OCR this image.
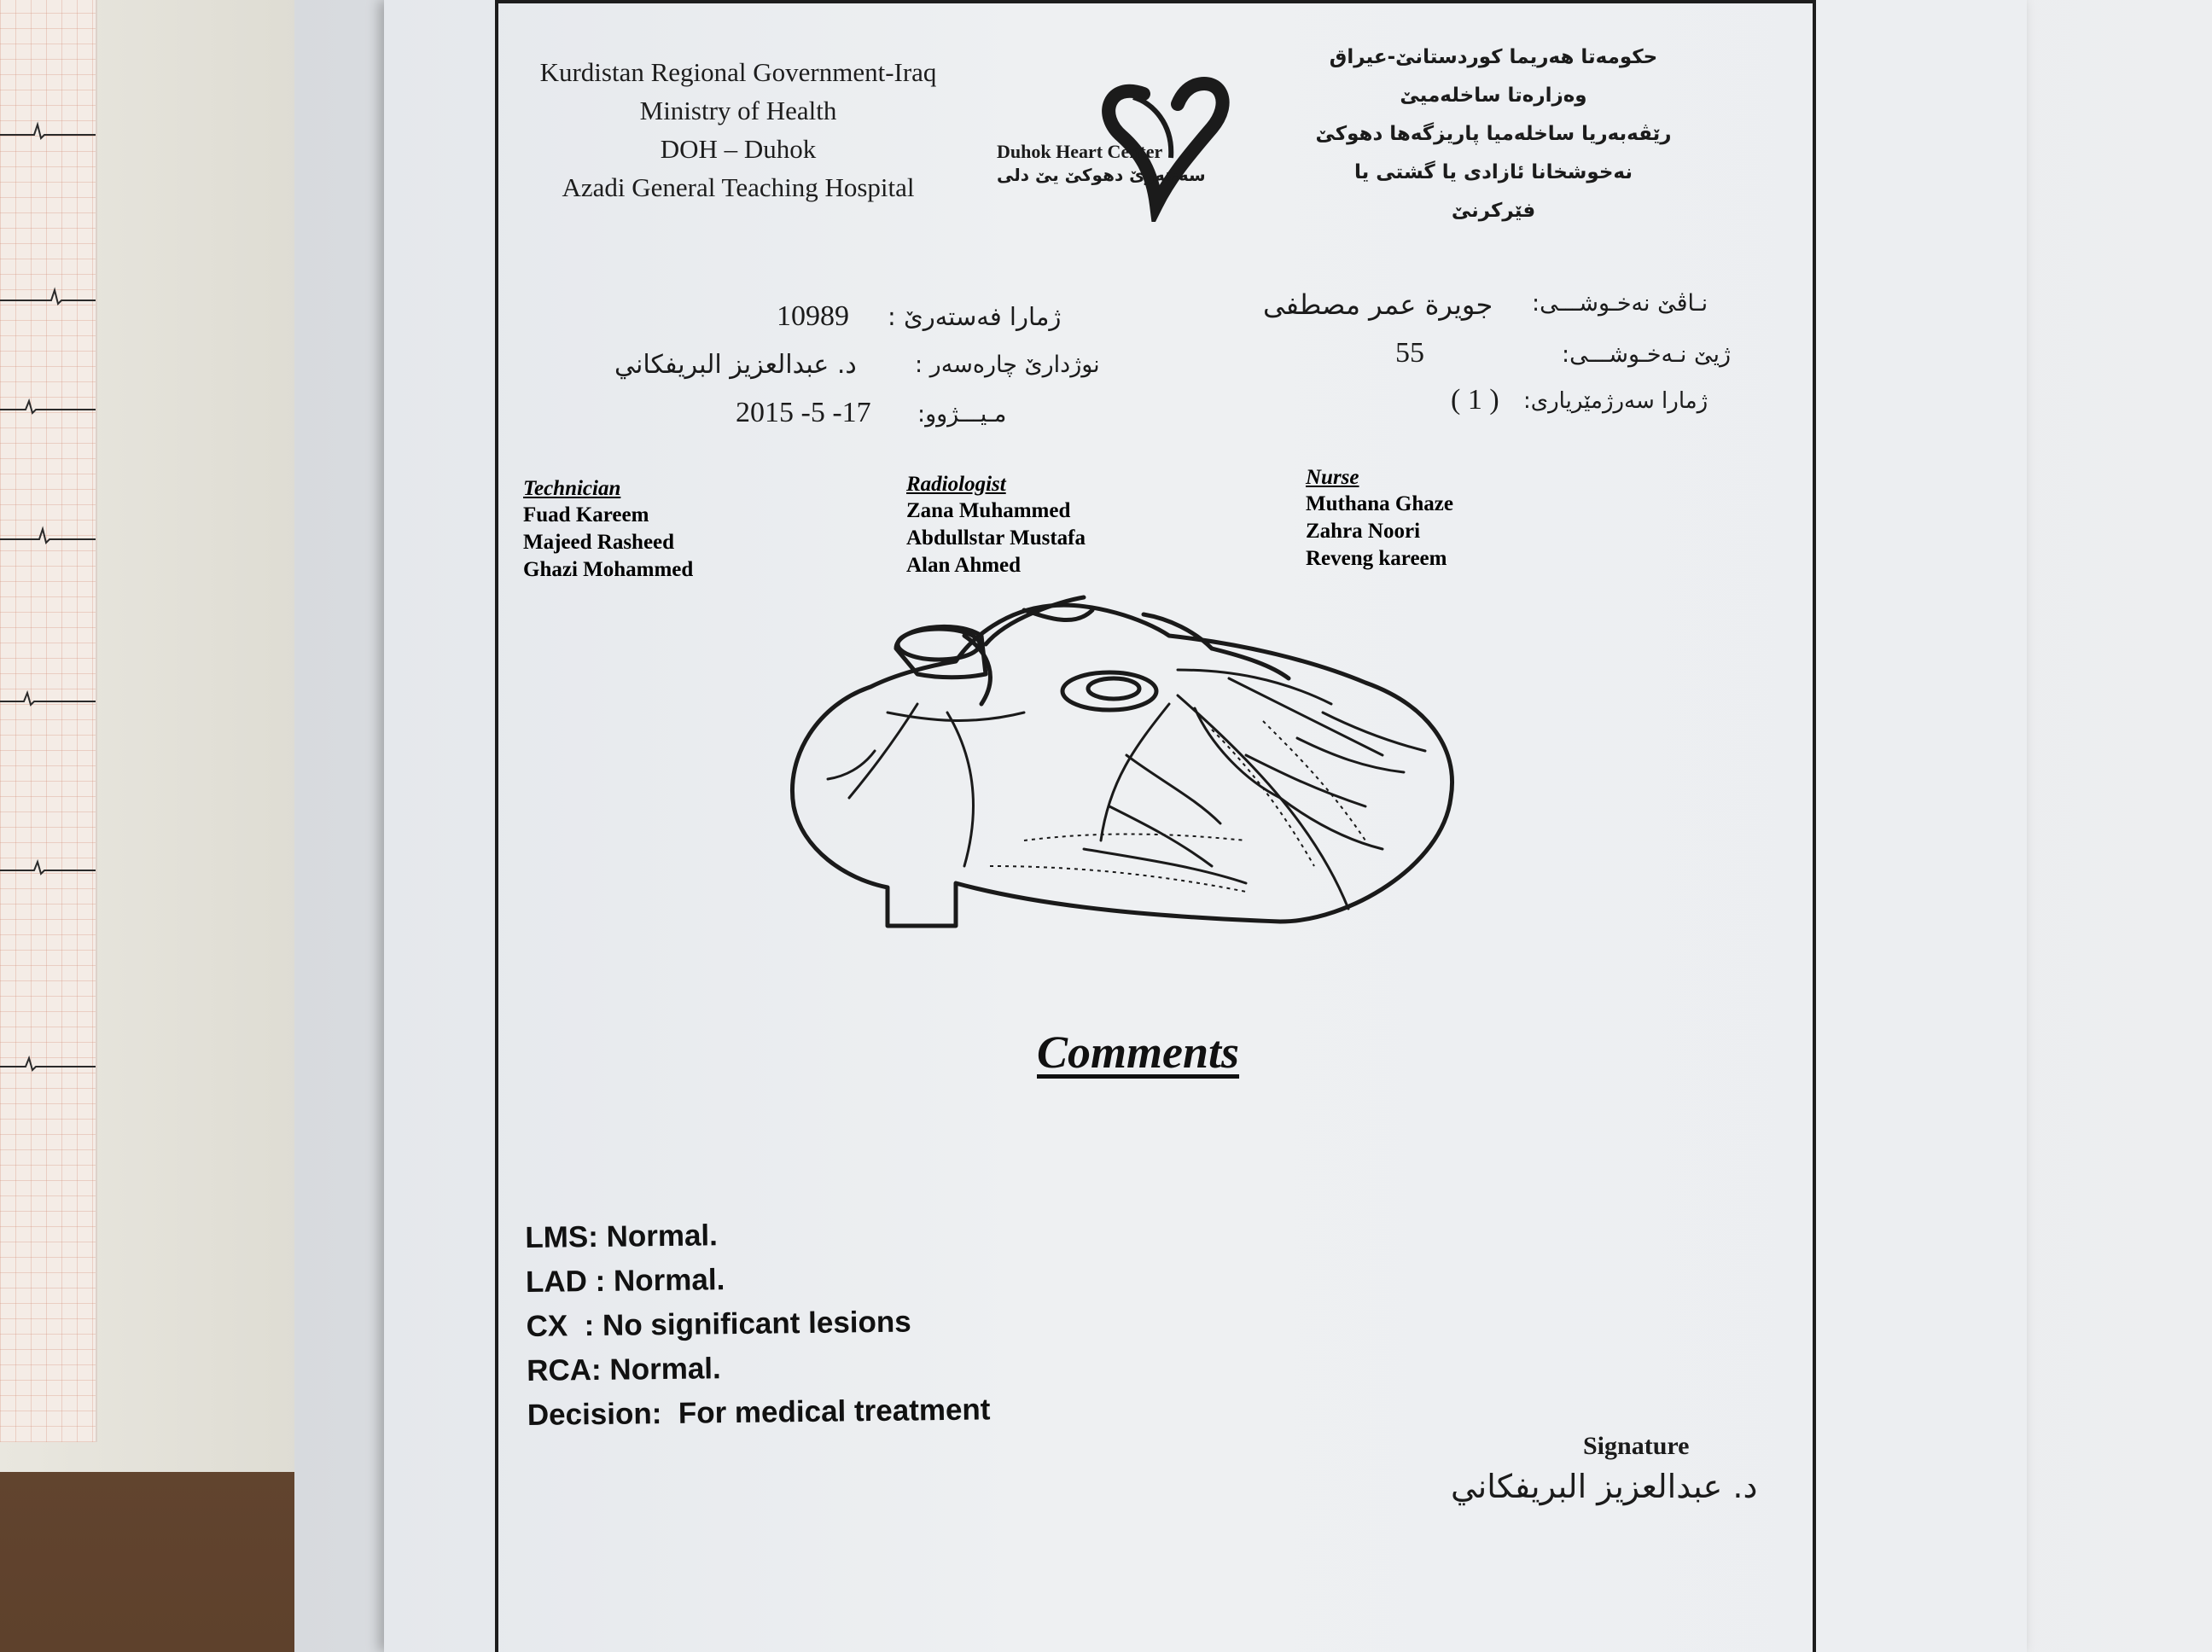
Kurdistan Regional Government-Iraq
Ministry of Health
DOH – Duhok
Azadi General Teaching Hospital
Duhok Heart Center
سەنتەرێ دهوكێ یێ دلی
حكومەتا هەریما كوردستانێ-عیراق
وەزارەتا ساخلەمیێ
رێڤەبەریا ساخلەمیا پاریزگەها دهوكێ
نەخوشخانا ئازادی یا گشتی یا فێركرنێ
10989 ژمارا فەستەرێ :
د. عبدالعزیز البریفكاني	نوژدارێ چارەسەر :
2015 -5 -17 مـیـــژوو:
جویرة عمر مصطفی نـاڤێ نەخـوشـــی:
55	ژیێ نـەخـوشـــی:
( 1 ) ژمارا سەرژمێریاری:
Technician
Fuad Kareem
Majeed Rasheed
Ghazi Mohammed
Radiologist
Zana Muhammed
Abdullstar Mustafa
Alan Ahmed
Nurse
Muthana Ghaze
Zahra Noori
Reveng kareem
Comments
LMS: Normal.
LAD : Normal.
CX  : No significant lesions
RCA: Normal.
Decision:  For medical treatment
Signature
د. عبدالعزیز البریفكاني
